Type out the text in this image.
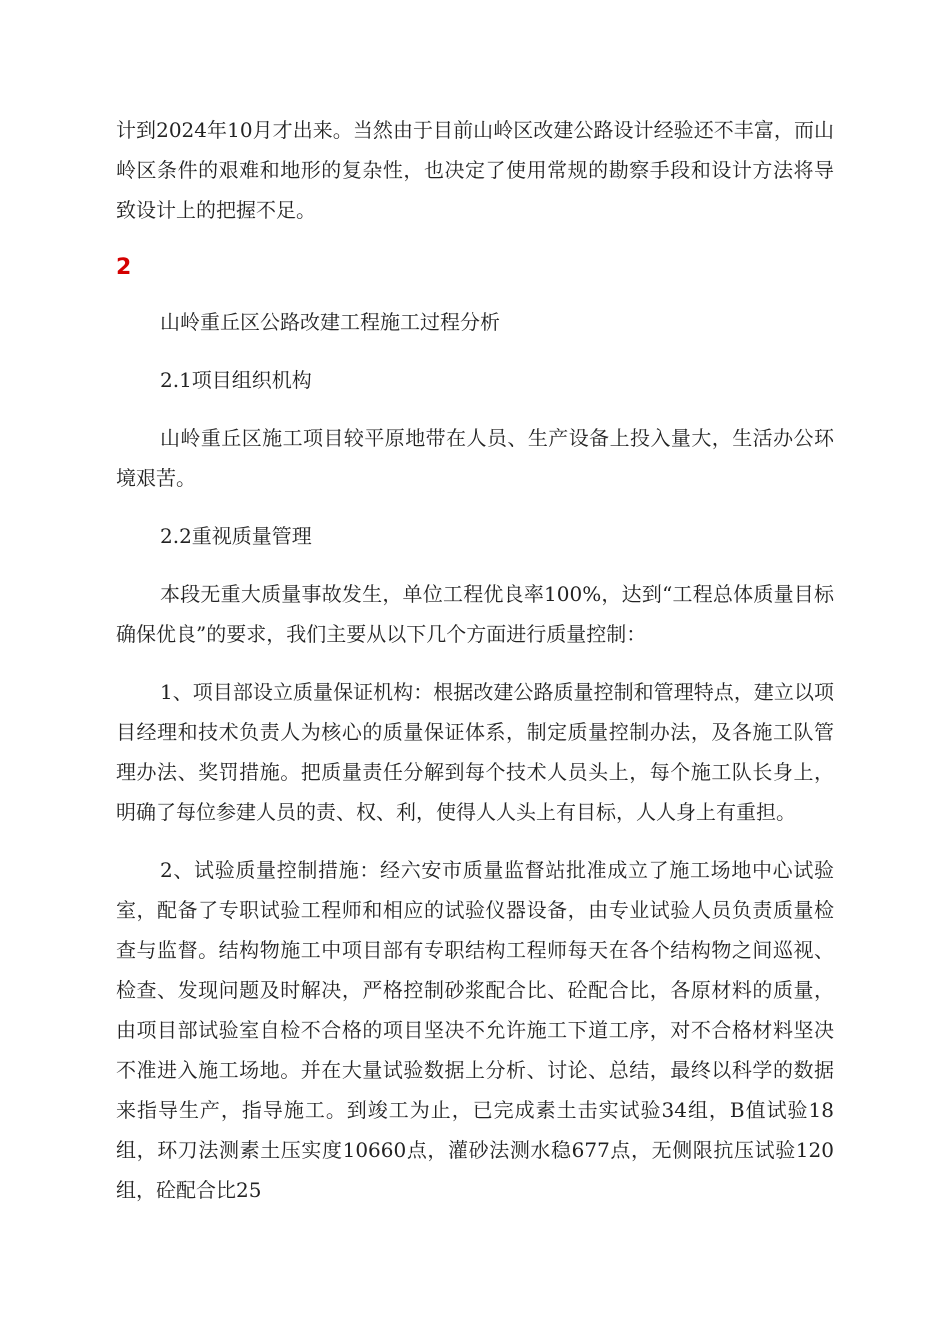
计到2024年10月才出来。当然由于目前山岭区改建公路设计经验还不丰富，而山岭区条件的艰难和地形的复杂性，也决定了使用常规的勘察手段和设计方法将导致设计上的把握不足。

2

山岭重丘区公路改建工程施工过程分析

2.1项目组织机构

山岭重丘区施工项目较平原地带在人员、生产设备上投入量大，生活办公环境艰苦。

2.2重视质量管理

本段无重大质量事故发生，单位工程优良率100%，达到“工程总体质量目标确保优良”的要求，我们主要从以下几个方面进行质量控制：

1、项目部设立质量保证机构：根据改建公路质量控制和管理特点，建立以项目经理和技术负责人为核心的质量保证体系，制定质量控制办法，及各施工队管理办法、奖罚措施。把质量责任分解到每个技术人员头上，每个施工队长身上，明确了每位参建人员的责、权、利，使得人人头上有目标，人人身上有重担。

2、试验质量控制措施：经六安市质量监督站批准成立了施工场地中心试验室，配备了专职试验工程师和相应的试验仪器设备，由专业试验人员负责质量检查与监督。结构物施工中项目部有专职结构工程师每天在各个结构物之间巡视、检查、发现问题及时解决，严格控制砂浆配合比、砼配合比，各原材料的质量，由项目部试验室自检不合格的项目坚决不允许施工下道工序，对不合格材料坚决不准进入施工场地。并在大量试验数据上分析、讨论、总结，最终以科学的数据来指导生产，指导施工。到竣工为止，已完成素土击实试验34组，B值试验18组，环刀法测素土压实度10660点，灌砂法测水稳677点，无侧限抗压试验120组，砼配合比25
